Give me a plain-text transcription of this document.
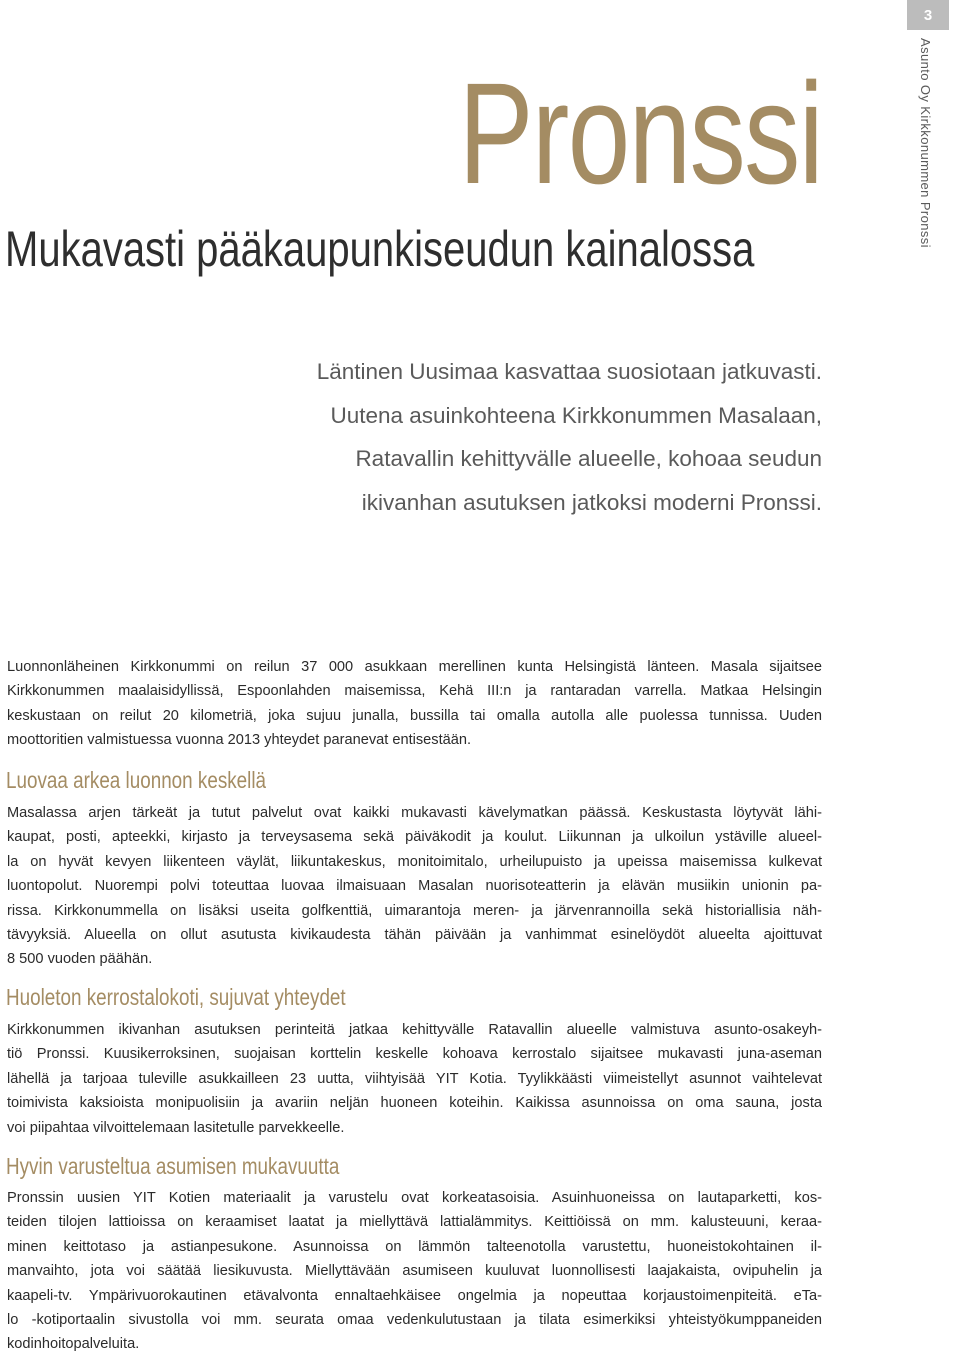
3
Asunto Oy Kirkkonummen Pronssi
Pronssi
Mukavasti pääkaupunkiseudun kainalossa
Läntinen Uusimaa kasvattaa suosiotaan jatkuvasti.
Uutena asuinkohteena Kirkkonummen Masalaan,
Ratavallin kehittyvälle alueelle, kohoaa seudun
ikivanhan asutuksen jatkoksi moderni Pronssi.

Luonnonläheinen Kirkkonummi on reilun 37 000 asukkaan merellinen kunta Helsingistä länteen. Masala sijaitsee
Kirkkonummen maalaisidyllissä, Espoonlahden maisemissa, Kehä III:n ja rantaradan varrella. Matkaa Helsingin
keskustaan on reilut 20 kilometriä, joka sujuu junalla, bussilla tai omalla autolla alle puolessa tunnissa. Uuden
moottoritien valmistuessa vuonna 2013 yhteydet paranevat entisestään.

Luovaa arkea luonnon keskellä

Masalassa arjen tärkeät ja tutut palvelut ovat kaikki mukavasti kävelymatkan päässä. Keskustasta löytyvät lähi-
kaupat, posti, apteekki, kirjasto ja terveysasema sekä päiväkodit ja koulut. Liikunnan ja ulkoilun ystäville alueel-
la on hyvät kevyen liikenteen väylät, liikuntakeskus, monitoimitalo, urheilupuisto ja upeissa maisemissa kulkevat
luontopolut. Nuorempi polvi toteuttaa luovaa ilmaisuaan Masalan nuorisoteatterin ja elävän musiikin unionin pa-
rissa. Kirkkonummella on lisäksi useita golfkenttiä, uimarantoja meren- ja järvenrannoilla sekä historiallisia näh-
tävyyksiä. Alueella on ollut asutusta kivikaudesta tähän päivään ja vanhimmat esinelöydöt alueelta ajoittuvat
8 500 vuoden päähän.

Huoleton kerrostalokoti, sujuvat yhteydet

Kirkkonummen ikivanhan asutuksen perinteitä jatkaa kehittyvälle Ratavallin alueelle valmistuva asunto-osakeyh-
tiö Pronssi. Kuusikerroksinen, suojaisan korttelin keskelle kohoava kerrostalo sijaitsee mukavasti juna-aseman
lähellä ja tarjoaa tuleville asukkailleen 23 uutta, viihtyisää YIT Kotia. Tyylikkäästi viimeistellyt asunnot vaihtelevat
toimivista kaksioista monipuolisiin ja avariin neljän huoneen koteihin. Kaikissa asunnoissa on oma sauna, josta
voi piipahtaa vilvoittelemaan lasitetulle parvekkeelle.

Hyvin varusteltua asumisen mukavuutta

Pronssin uusien YIT Kotien materiaalit ja varustelu ovat korkeatasoisia. Asuinhuoneissa on lautaparketti, kos-
teiden tilojen lattioissa on keraamiset laatat ja miellyttävä lattialämmitys. Keittiöissä on mm. kalusteuuni, keraa-
minen keittotaso ja astianpesukone. Asunnoissa on lämmön talteenotolla varustettu, huoneistokohtainen il-
manvaihto, jota voi säätää liesikuvusta. Miellyttävään asumiseen kuuluvat luonnollisesti laajakaista, ovipuhelin ja
kaapeli-tv. Ympärivuorokautinen etävalvonta ennaltaehkäisee ongelmia ja nopeuttaa korjaustoimenpiteitä. eTa-
lo -kotiportaalin sivustolla voi mm. seurata omaa vedenkulutustaan ja tilata esimerkiksi yhteistyökumppaneiden
kodinhoitopalveluita.
